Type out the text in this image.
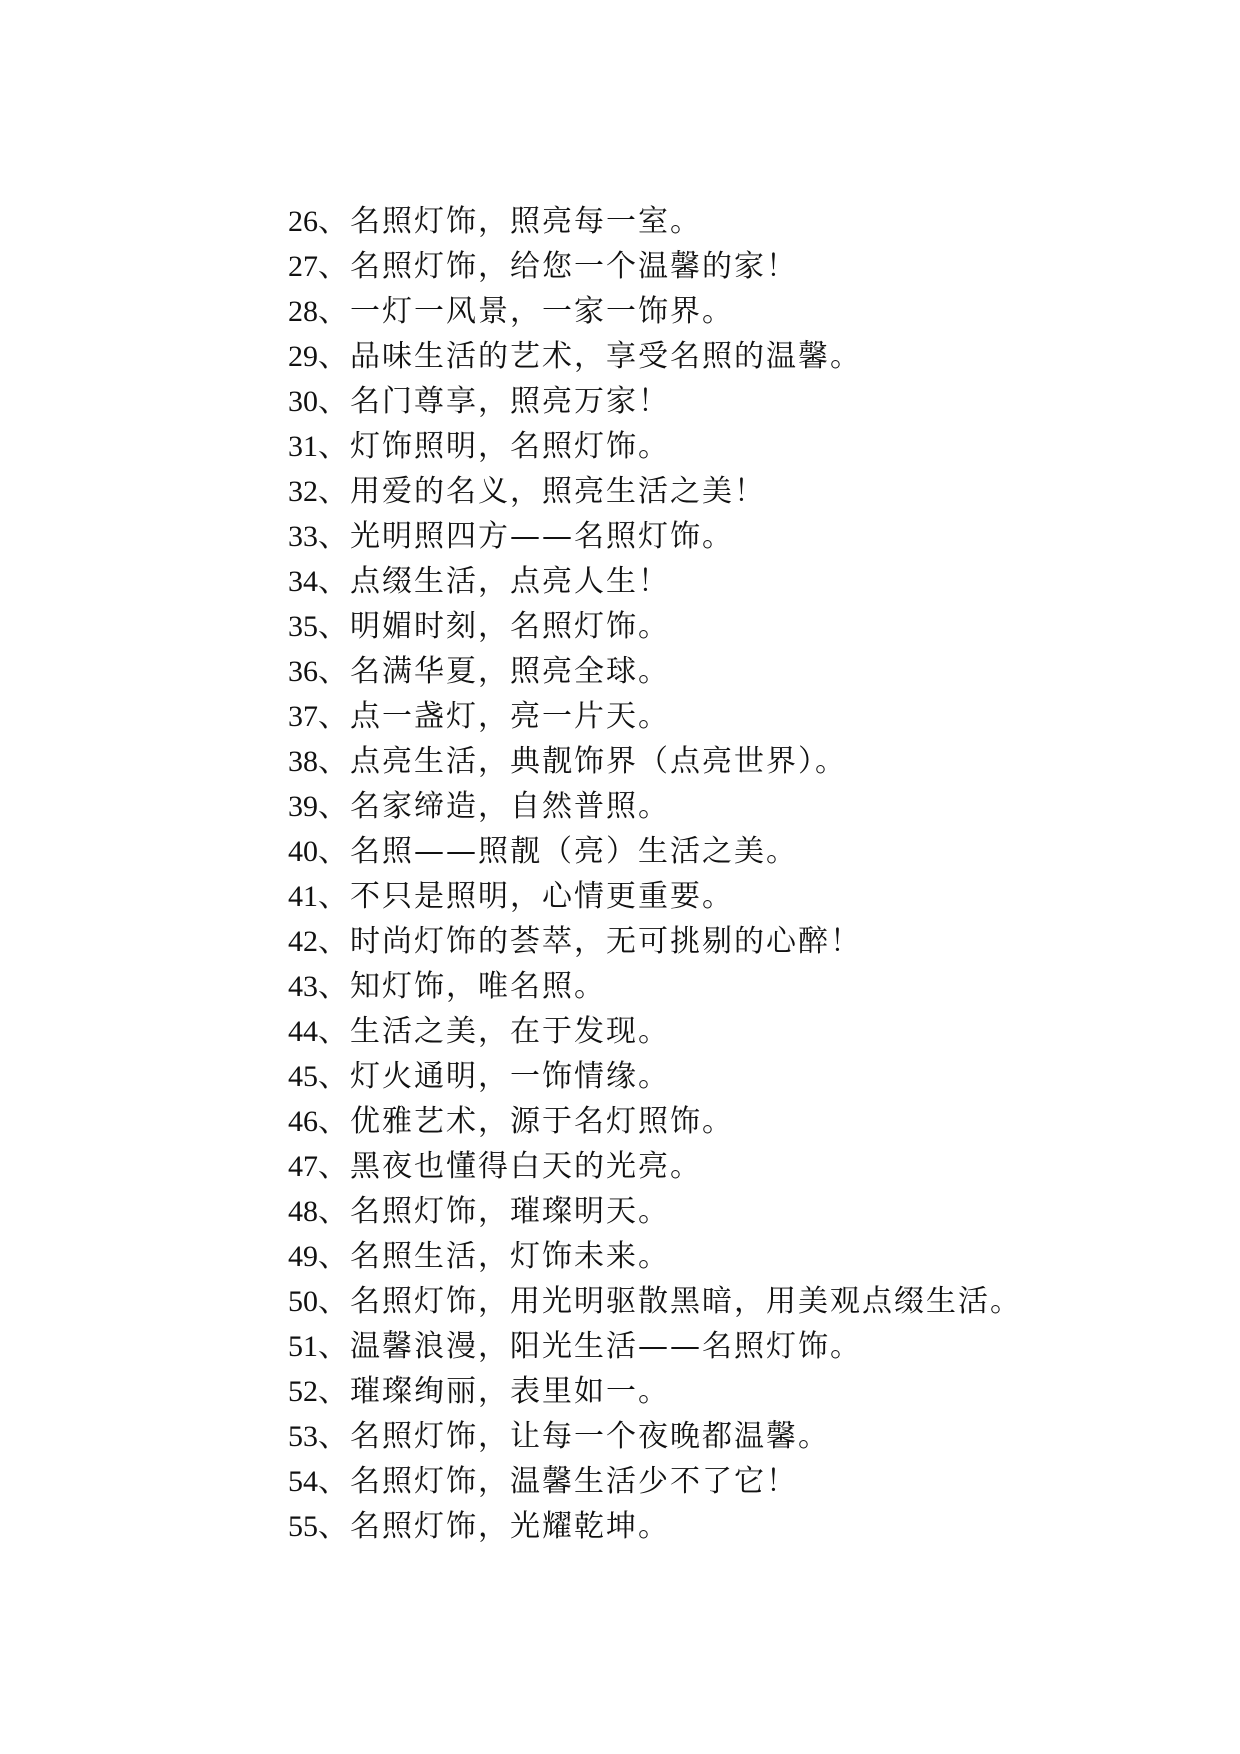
26、名照灯饰，照亮每一室。
27、名照灯饰，给您一个温馨的家！
28、一灯一风景，一家一饰界。
29、品味生活的艺术，享受名照的温馨。
30、名门尊享，照亮万家！
31、灯饰照明，名照灯饰。
32、用爱的名义，照亮生活之美！
33、光明照四方——名照灯饰。
34、点缀生活，点亮人生！
35、明媚时刻，名照灯饰。
36、名满华夏，照亮全球。
37、点一盏灯，亮一片天。
38、点亮生活，典靓饰界（点亮世界）。
39、名家缔造，自然普照。
40、名照——照靓（亮）生活之美。
41、不只是照明，心情更重要。
42、时尚灯饰的荟萃，无可挑剔的心醉！
43、知灯饰，唯名照。
44、生活之美，在于发现。
45、灯火通明，一饰情缘。
46、优雅艺术，源于名灯照饰。
47、黑夜也懂得白天的光亮。
48、名照灯饰，璀璨明天。
49、名照生活，灯饰未来。
50、名照灯饰，用光明驱散黑暗，用美观点缀生活。
51、温馨浪漫，阳光生活——名照灯饰。
52、璀璨绚丽，表里如一。
53、名照灯饰，让每一个夜晚都温馨。
54、名照灯饰，温馨生活少不了它！
55、名照灯饰，光耀乾坤。
